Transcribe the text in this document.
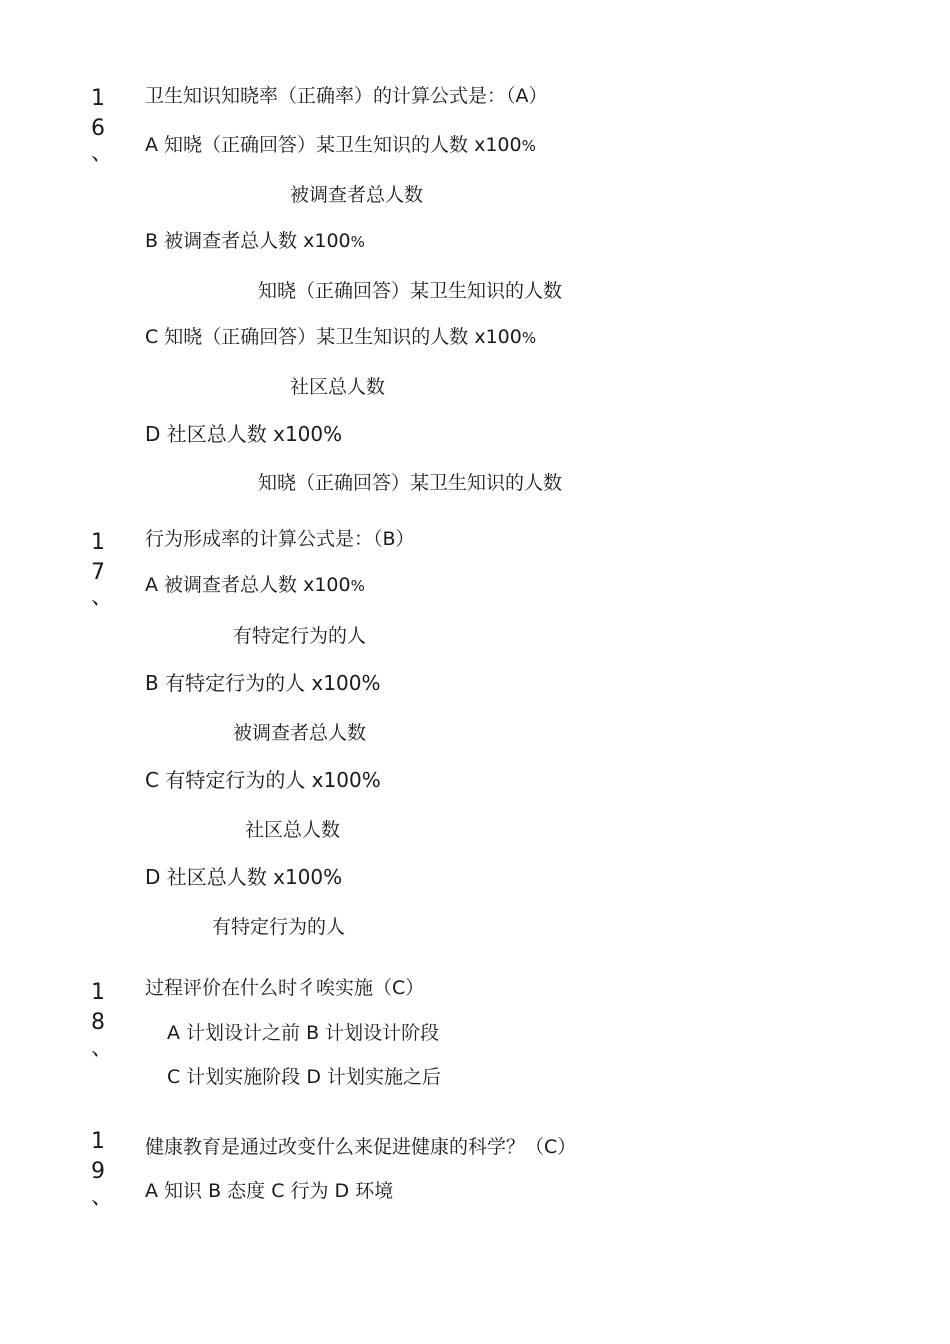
1
6
、
卫生知识知晓率（正确率）的计算公式是：（A）
A 知晓（正确回答）某卫生知识的人数 x100%
被调查者总人数
B 被调查者总人数 x100%
知晓（正确回答）某卫生知识的人数
C 知晓（正确回答）某卫生知识的人数 x100%
社区总人数
D 社区总人数 x100%
知晓（正确回答）某卫生知识的人数
1
7
、
行为形成率的计算公式是：（B）
A 被调查者总人数 x100%
有特定行为的人
B 有特定行为的人 x100%
被调查者总人数
C 有特定行为的人 x100%
社区总人数
D 社区总人数 x100%
有特定行为的人
1
8
、
过程评价在什么时彳唉实施（C）
A 计划设计之前 B 计划设计阶段
C 计划实施阶段 D 计划实施之后
1
9
、
健康教育是通过改变什么来促进健康的科学？（C）
A 知识 B 态度 C 行为 D 环境
